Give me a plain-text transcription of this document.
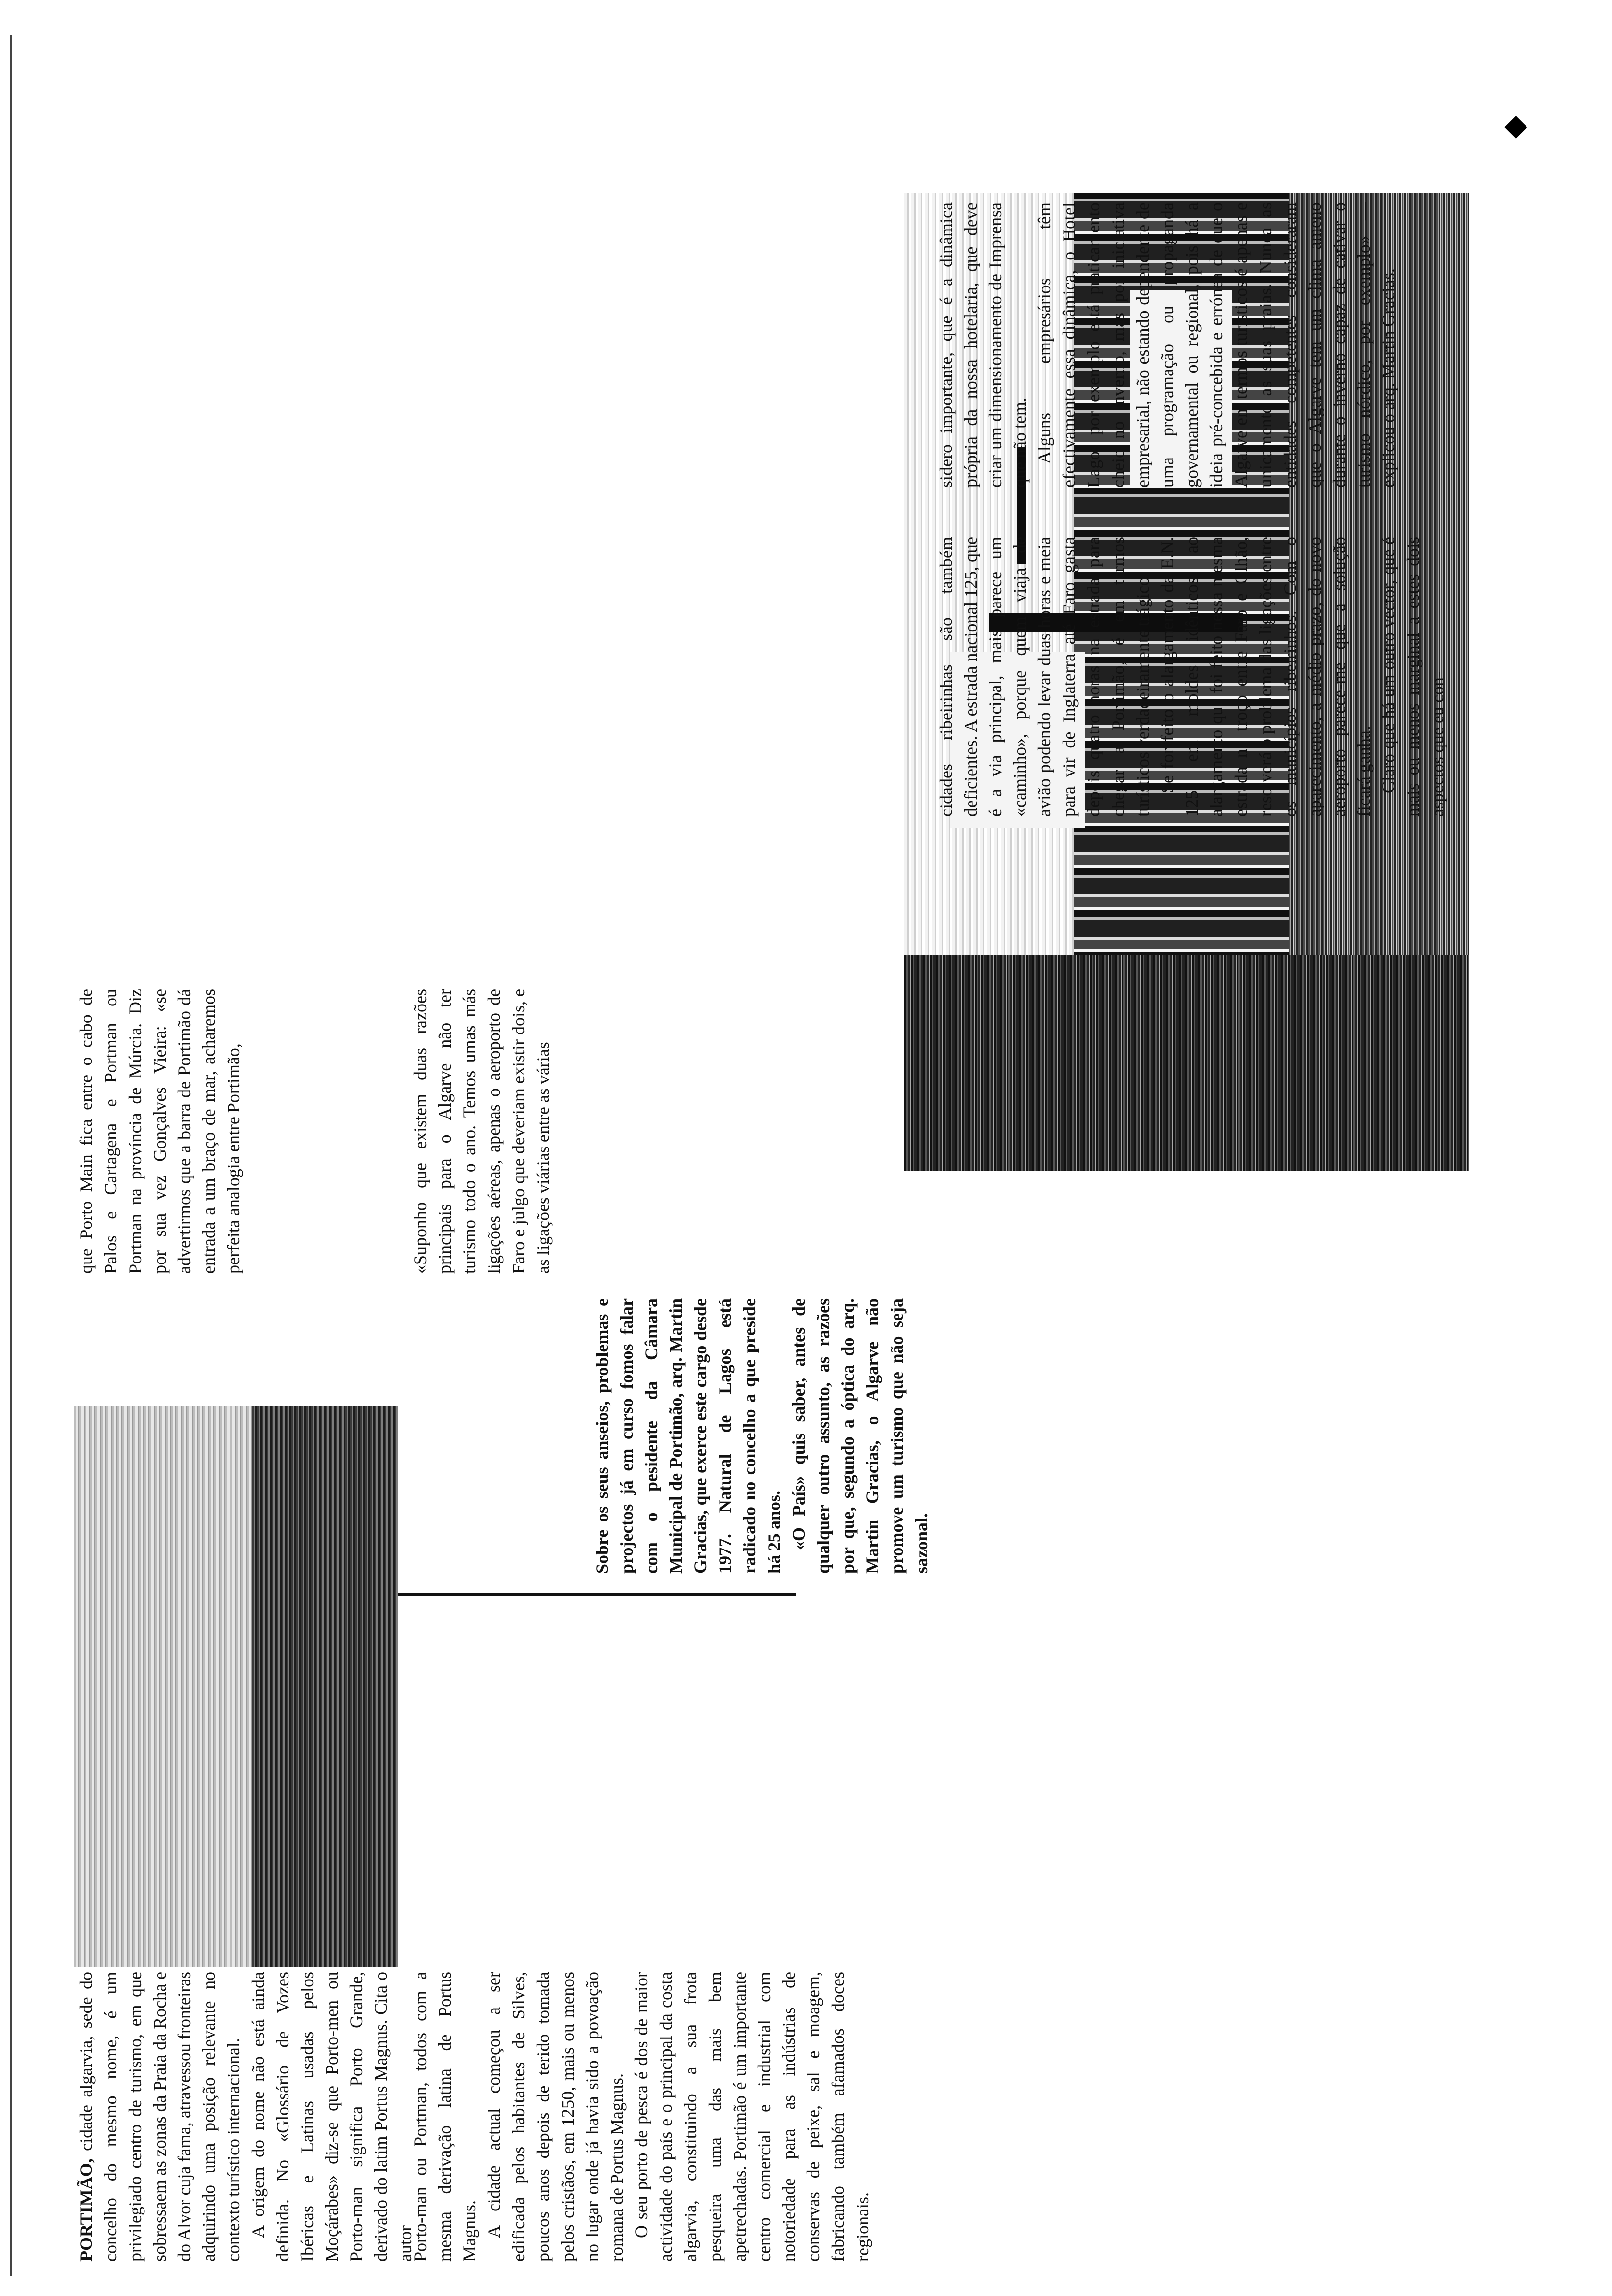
PORTIMÃO, cidade algarvia, sede do concelho do mesmo nome, é um privilegiado centro de turismo, em que sobressaem as zonas da Praia da Rocha e do Alvor cuja fama, atravessou fronteiras adquirindo uma posição relevante no contexto turístico internacional. A origem do nome não está ainda definida. No «Glossário de Vozes Ibéricas e Latinas usadas pelos Moçárabes» diz-se que Porto-men ou Porto-man significa Porto Grande, derivado do latim Portus Magnus. Cita o autor

Porto-man ou Portman, todos com a mesma derivação latina de Portus Magnus. A cidade actual começou a ser edificada pelos habitantes de Silves, poucos anos depois de terido tomada pelos cristãos, em 1250, mais ou menos no lugar onde já havia sido a povoação romana de Portus Magnus. O seu porto de pesca é dos de maior actividade do país e o principal da costa algarvia, constituindo a sua frota pesqueira uma das mais bem apetrechadas. Portimão é um importante centro comercial e industrial com notoriedade para as indústrias de conservas de peixe, sal e moagem, fabricando também afamados doces regionais.

Sobre os seus anseios, problemas e projectos já em curso fomos falar com o pesidente da Câmara Municipal de Portimão, arq. Martin Gracias, que exerce este cargo desde 1977. Natural de Lagos está radicado no concelho a que preside há 25 anos. «O País» quis saber, antes de qualquer outro assunto, as razões por que, segundo a óptica do arq. Martin Gracias, o Algarve não promove um turismo que não seja sazonal.

que Porto Main fica entre o cabo de Palos e Cartagena e Portman ou Portman na província de Múrcia. Diz por sua vez Gonçalves Vieira: «se advertirmos que a barra de Portimão dá entrada a um braço de mar, acharemos perfeita analogia entre Portimão,	«Suponho que existem duas razões principais para o Algarve não ter turismo todo o ano. Temos umas más ligações aéreas, apenas o aeroporto de Faro e julgo que deveriam existir dois, e as ligações viárias entre as várias

cidades ribeirinhas são também deficientes. A estrada nacional 125, que é a via principal, mais parece um «caminho», porque quem viaja de avião podendo levar duas horas e meia para vir de Inglaterra até Faro gasta depois quatro horas na estrada para chegar a Portimão, é em termos turísticos verdadeiramente trágico. Se for feito o alargamento da E.N. 125, em moldes idênticos ao alargamento que foi feito nessa mesma estrada no troço entre Faro e Olhão, resolverá o problema das ligações entre os municípios ribeirinhos. Com o aparecimento, a médio prazo, do novo aeroporto parece-me que a solução ficará ganha. Claro que há um outro vector, que é mais ou menos marginal a estes dois aspectos que eu con-

sidero importante, que é a dinâmica própria da nossa hotelaria, que deve criar um dimensionamento de Imprensa que não tem. Alguns empresários têm efectivamente essa dinâmica, o Hotel Lagos por exemplo está praticamento cheio no Inverno, mas por iniciativa empresarial, não estando dependente de uma programação ou propaganda governamental ou regional, pois há a ideia pré-concebida e errónea de que o Algarve em termos turísticos é apenas e unicamente as suas praias. Nunca as entidades competentes consideraram que o Algarve tem um clima ameno durante o inverno capaz de cativar o turismo nórdico, por exemplo» — explicou o arq. Martin Gracias.

◆
